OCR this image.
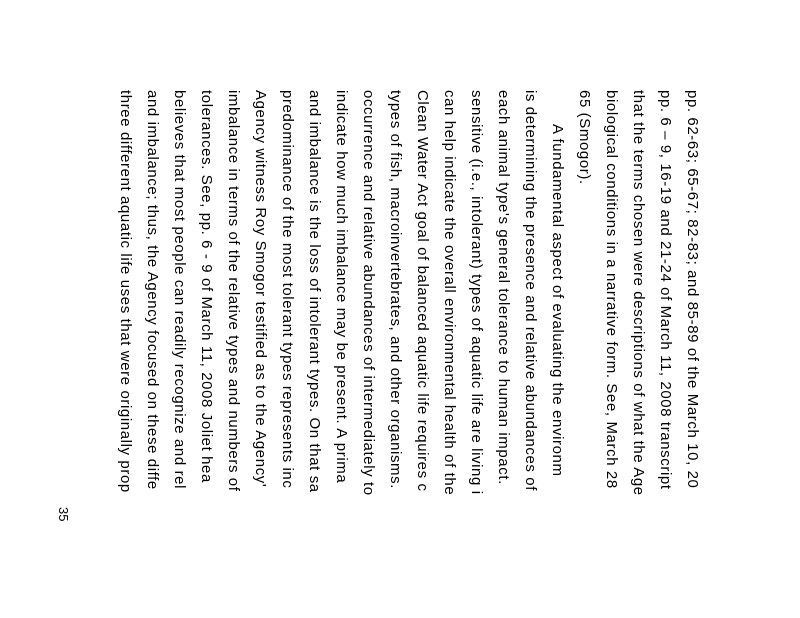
pp. 62-63; 65-67; 82-83; and 85-89 of the March 10, 20
pp. 6 – 9, 16-19 and 21-24 of March 11, 2008 transcript
that the terms chosen were descriptions of what the Age
biological conditions in a narrative form. See, March 28
65 (Smogor).
A fundamental aspect of evaluating the environm
is determining the presence and relative abundances of
each animal type's general tolerance to human impact.
sensitive (i.e., intolerant) types of aquatic life are living i
can help indicate the overall environmental health of the
Clean Water Act goal of balanced aquatic life requires c
types of fish, macroinvertebrates, and other organisms.
occurrence and relative abundances of intermediately to
indicate how much imbalance may be present. A prima
and imbalance is the loss of intolerant types. On that sa
predominance of the most tolerant types represents inc
Agency witness Roy Smogor testified as to the Agency'
imbalance in terms of the relative types and numbers of
tolerances. See, pp. 6 - 9 of March 11, 2008 Joliet hea
believes that most people can readily recognize and rel
and imbalance; thus, the Agency focused on these diffe
three different aquatic life uses that were originally prop
35
